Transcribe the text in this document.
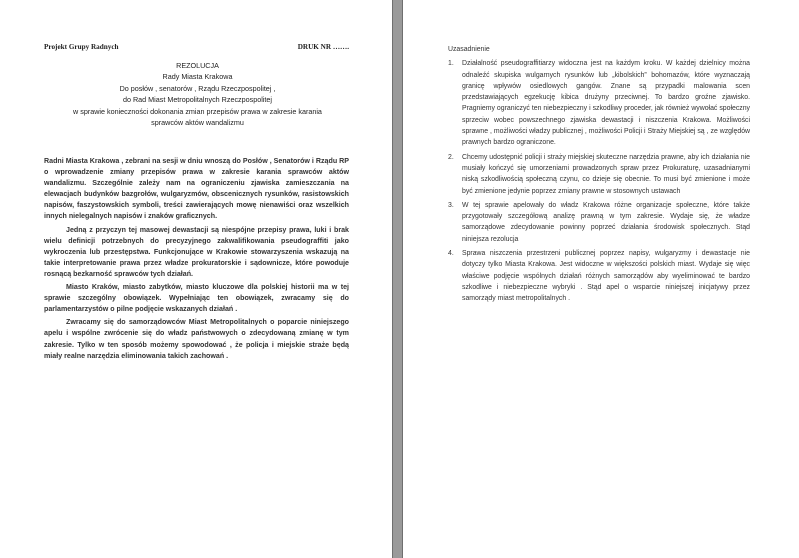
Projekt Grupy Radnych	DRUK NR …….
REZOLUCJA
Rady Miasta Krakowa
Do posłów , senatorów , Rządu Rzeczpospolitej ,
do Rad Miast Metropolitalnych Rzeczpospolitej
w sprawie konieczności dokonania zmian przepisów prawa w zakresie karania
sprawców aktów wandalizmu

Radni Miasta Krakowa , zebrani na sesji w dniu wnoszą do Posłów , Senatorów i Rządu RP o wprowadzenie zmiany przepisów prawa w zakresie karania sprawców aktów wandalizmu. Szczególnie zależy nam na ograniczeniu zjawiska zamieszczania na elewacjach budynków bazgrołów, wulgaryzmów, obscenicznych rysunków, rasistowskich napisów, faszystowskich symboli, treści zawierających mowę nienawiści oraz wszelkich innych nielegalnych napisów i znaków graficznych.

Jedną z przyczyn tej masowej dewastacji są niespójne przepisy prawa, luki i brak wielu definicji potrzebnych do precyzyjnego zakwalifikowania pseudograffiti jako wykroczenia lub przestępstwa. Funkcjonujące w Krakowie stowarzyszenia wskazują na takie interpretowanie prawa przez władze prokuratorskie i sądownicze, które powoduje rosnącą bezkarność sprawców tych działań.

Miasto Kraków, miasto zabytków, miasto kluczowe dla polskiej historii ma w tej sprawie szczególny obowiązek. Wypełniając ten obowiązek, zwracamy się do parlamentarzystów o pilne podjęcie wskazanych działań .

Zwracamy się do samorządowców Miast Metropolitalnych o poparcie niniejszego apelu i wspólne zwrócenie się do władz państwowych o zdecydowaną zmianę w tym zakresie. Tylko w ten sposób możemy spowodować , że policja i miejskie straże będą miały realne narzędzia eliminowania takich zachowań .

Uzasadnienie
1. Działalność pseudograffitiarzy widoczna jest na każdym kroku. W każdej dzielnicy można odnaleźć skupiska wulgarnych rysunków lub „kibolskich” bohomazów, które wyznaczają granicę wpływów osiedlowych gangów. Znane są przypadki malowania scen przedstawiających egzekucję kibica drużyny przeciwnej. To bardzo groźne zjawisko. Pragniemy ograniczyć ten niebezpieczny i szkodliwy proceder, jak również wywołać społeczny sprzeciw wobec powszechnego zjawiska dewastacji i niszczenia Krakowa. Możliwości sprawne , możliwości władzy publicznej , możliwości Policji i Straży Miejskiej są , ze względów prawnych bardzo ograniczone.
2. Chcemy udostępnić policji i straży miejskiej skuteczne narzędzia prawne, aby ich działania nie musiały kończyć się umorzeniami prowadzonych spraw przez Prokuraturę, uzasadnianymi niską szkodliwością społeczną czynu, co dzieje się obecnie. To musi być zmienione i może być zmienione jedynie poprzez zmiany prawne w stosownych ustawach
3. W tej sprawie apelowały do władz Krakowa różne organizacje społeczne, które także przygotowały szczegółową analizę prawną w tym zakresie. Wydaje się, że władze samorządowe zdecydowanie powinny poprzeć działania środowisk społecznych. Stąd niniejsza rezolucja
4. Sprawa niszczenia przestrzeni publicznej poprzez napisy, wulgaryzmy i dewastacje nie dotyczy tylko Miasta Krakowa. Jest widoczne w większości polskich miast. Wydaje się więc właściwe podjęcie wspólnych działań różnych samorządów aby wyeliminować te bardzo szkodliwe i niebezpieczne wybryki . Stąd apel o wsparcie niniejszej inicjatywy przez samorządy miast metropolitalnych .
